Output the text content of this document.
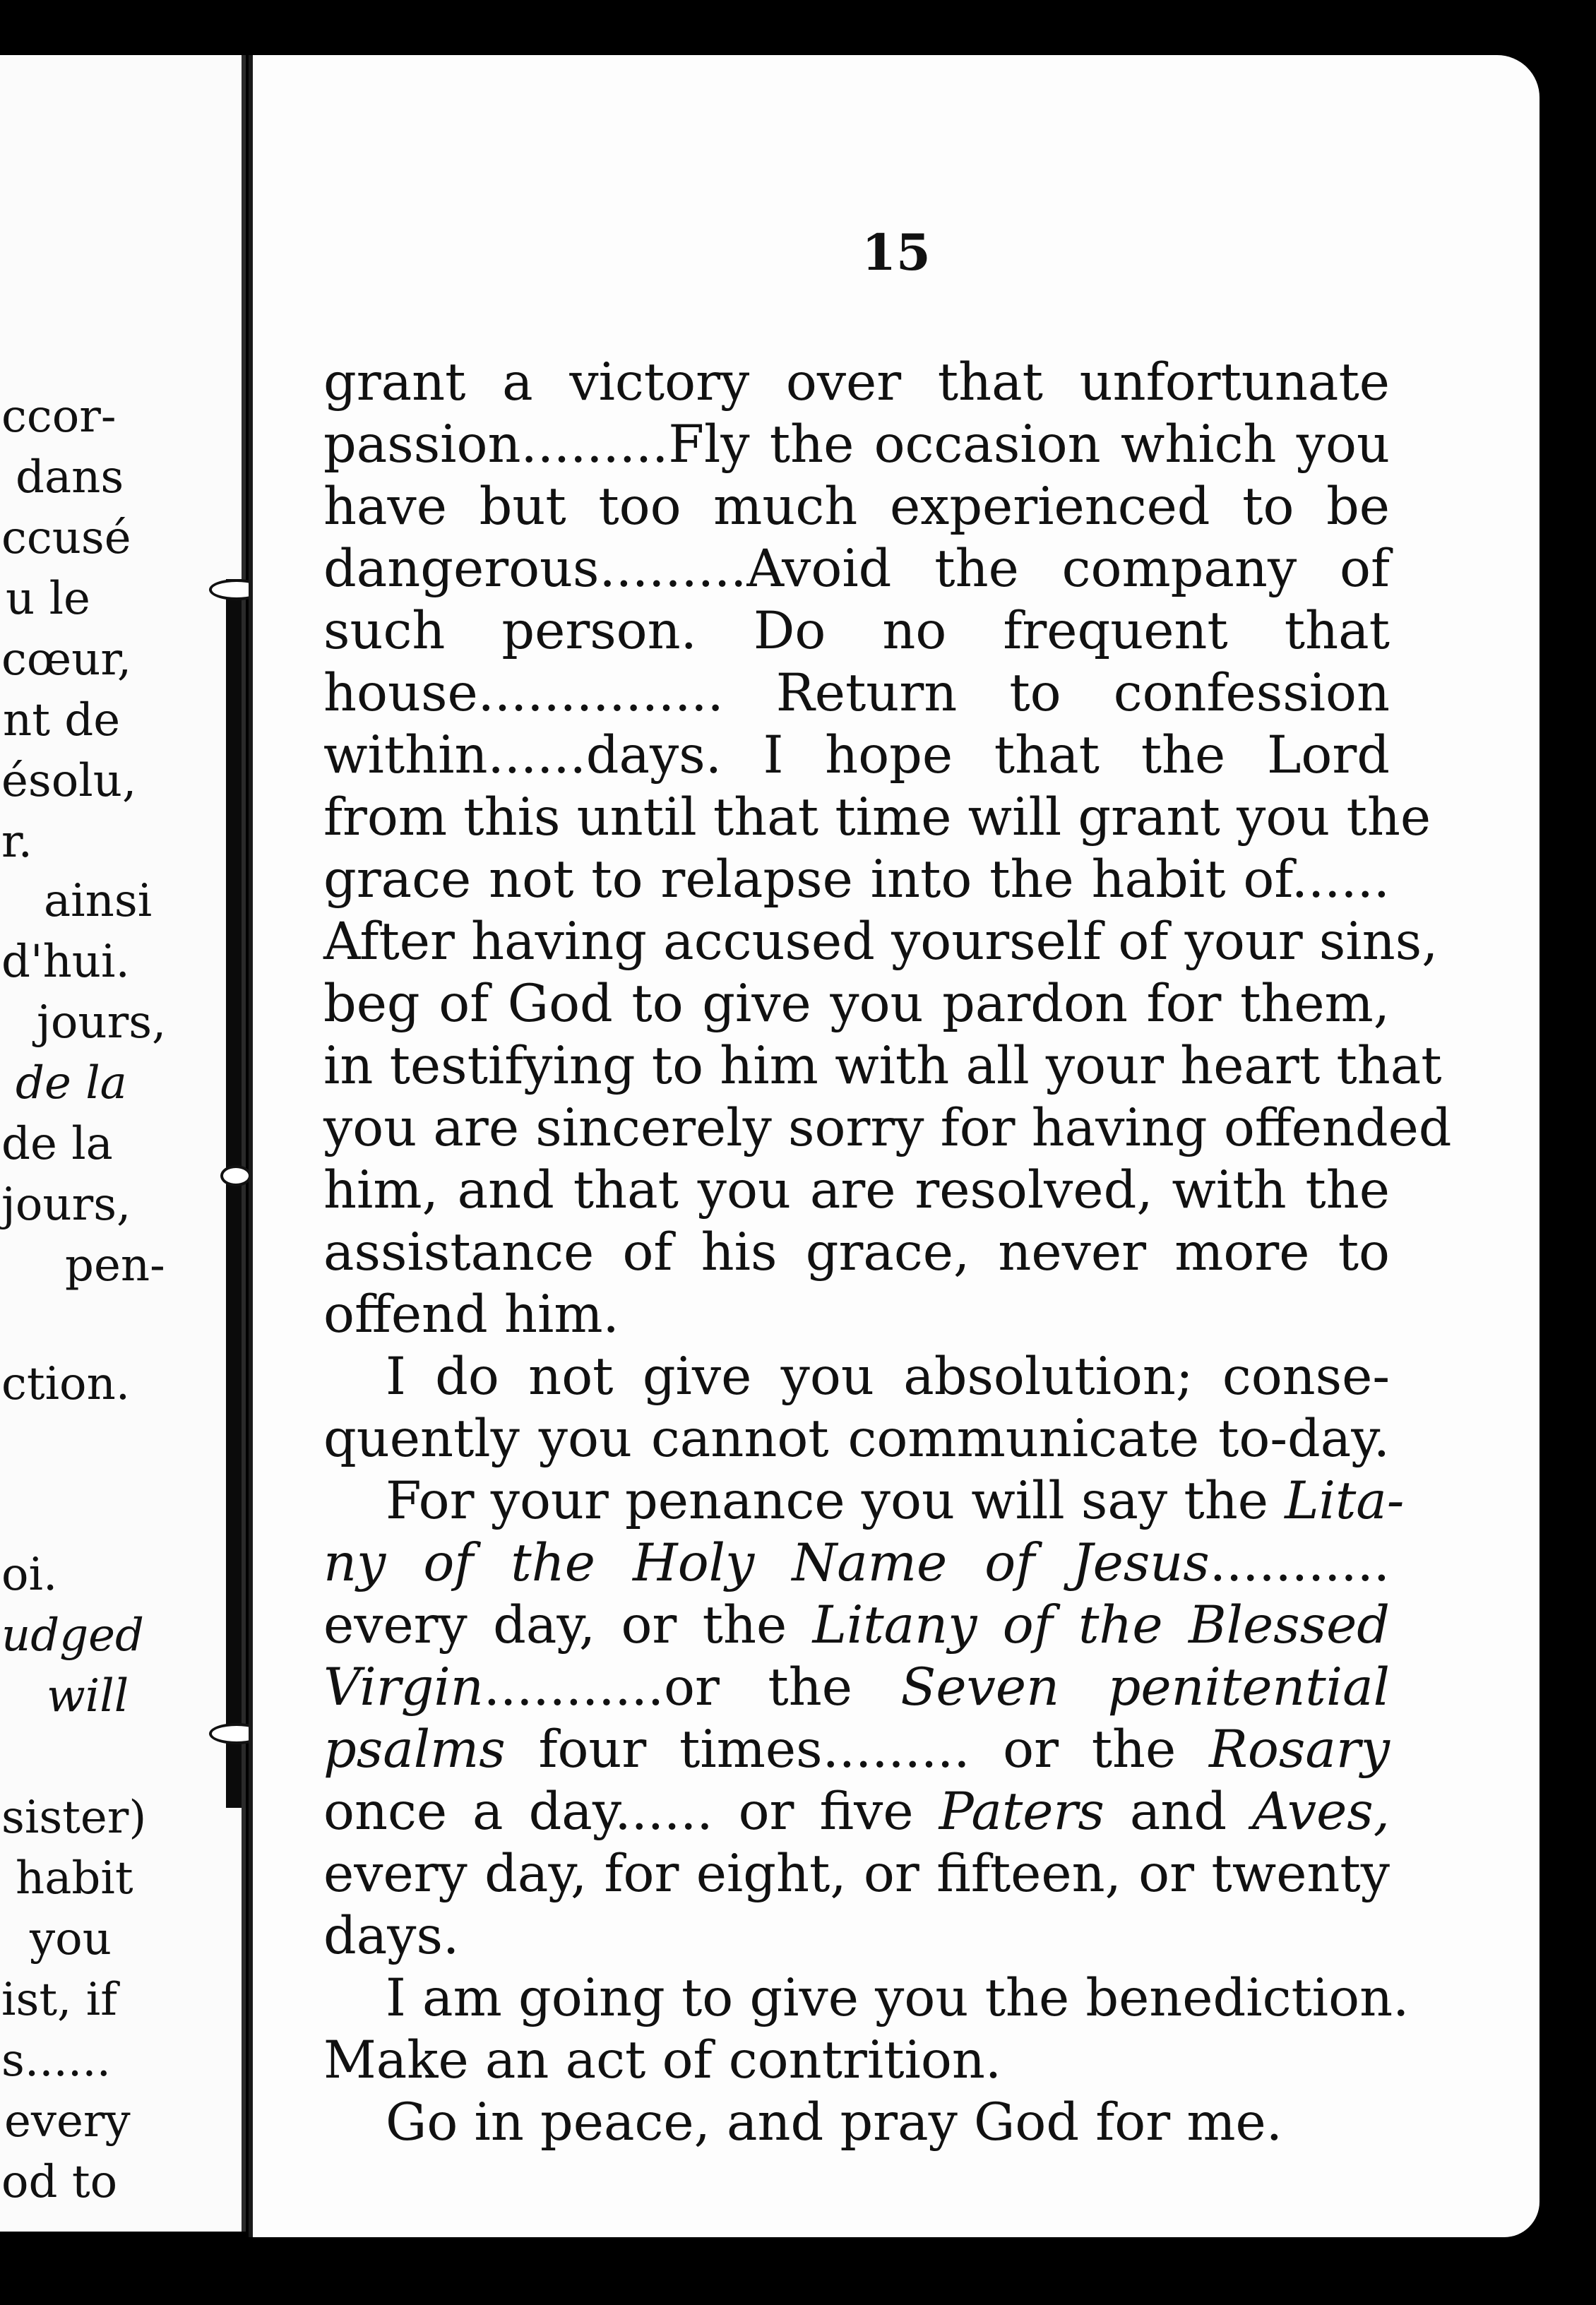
ccor-
dans
ccusé
u le
cœur,
nt de
ésolu,
r.
ainsi
d'hui.
jours,
de la
de la
jours,
pen-
ction.
oi.
udged
will
sister)
habit
you
ist, if
s......
every
od to
15
grant a victory over that unfortunate
passion.........Fly the occasion which you
have but too much experienced to be
dangerous.........Avoid the company of
such person. Do no frequent that
house............... Return to confession
within......days. I hope that the Lord
from this until that time will grant you the
grace not to relapse into the habit of......
After having accused yourself of your sins,
beg of God to give you pardon for them,
in testifying to him with all your heart that
you are sincerely sorry for having offended
him, and that you are resolved, with the
assistance of his grace, never more to
offend him.
I do not give you absolution; conse-
quently you cannot communicate to-day.
For your penance you will say the Lita-
ny of the Holy Name of Jesus...........
every day, or the Litany of the Blessed
Virgin...........or the Seven penitential
psalms four times......... or the Rosary
once a day...... or five Paters and Aves,
every day, for eight, or fifteen, or twenty
days.
I am going to give you the benediction.
Make an act of contrition.
Go in peace, and pray God for me.
